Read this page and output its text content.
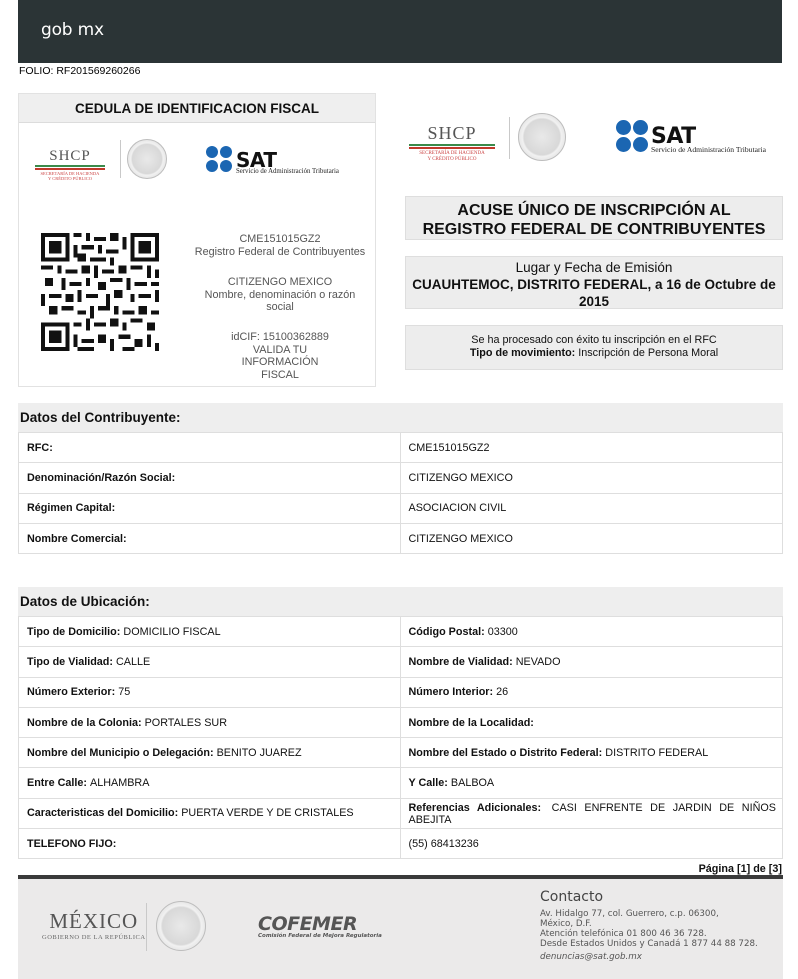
gob mx
FOLIO: RF201569260266
CEDULA DE IDENTIFICACION FISCAL
SHCP
SECRETARÍA DE HACIENDA
Y CRÉDITO PÚBLICO
SAT
Servicio de Administración Tributaria
CME151015GZ2
Registro Federal de Contribuyentes
CITIZENGO MEXICO
Nombre, denominación o razón social
idCIF: 15100362889
VALIDA TU INFORMACIÓN FISCAL
SHCP
SECRETARÍA DE HACIENDA
Y CRÉDITO PÚBLICO
SAT
Servicio de Administración Tributaria
ACUSE ÚNICO DE INSCRIPCIÓN AL
REGISTRO FEDERAL DE CONTRIBUYENTES
Lugar y Fecha de Emisión
CUAUHTEMOC, DISTRITO FEDERAL, a 16 de Octubre de 2015
Se ha procesado con éxito tu inscripción en el RFC
Tipo de movimiento: Inscripción de Persona Moral
Datos del Contribuyente:
RFC:	CME151015GZ2
Denominación/Razón Social:	CITIZENGO MEXICO
Régimen Capital:	ASOCIACION CIVIL
Nombre Comercial:	CITIZENGO MEXICO
Datos de Ubicación:
Tipo de Domicilio: DOMICILIO FISCAL	Código Postal: 03300
Tipo de Vialidad: CALLE	Nombre de Vialidad: NEVADO
Número Exterior: 75	Número Interior: 26
Nombre de la Colonia: PORTALES SUR	Nombre de la Localidad:
Nombre del Municipio o Delegación: BENITO JUAREZ	Nombre del Estado o Distrito Federal: DISTRITO FEDERAL
Entre Calle: ALHAMBRA	Y Calle: BALBOA
Caracteristicas del Domicilio: PUERTA VERDE Y DE CRISTALES	Referencias Adicionales: CASI ENFRENTE DE JARDIN DE NIÑOS ABEJITA
TELEFONO FIJO:	(55) 68413236
Página [1] de [3]
MÉXICO
GOBIERNO DE LA REPÚBLICA
COFEMER
Comisión Federal de Mejora Regulatoria
Contacto
Av. Hidalgo 77, col. Guerrero, c.p. 06300,
México, D.F.
Atención telefónica 01 800 46 36 728.
Desde Estados Unidos y Canadá 1 877 44 88 728.
denuncias@sat.gob.mx
